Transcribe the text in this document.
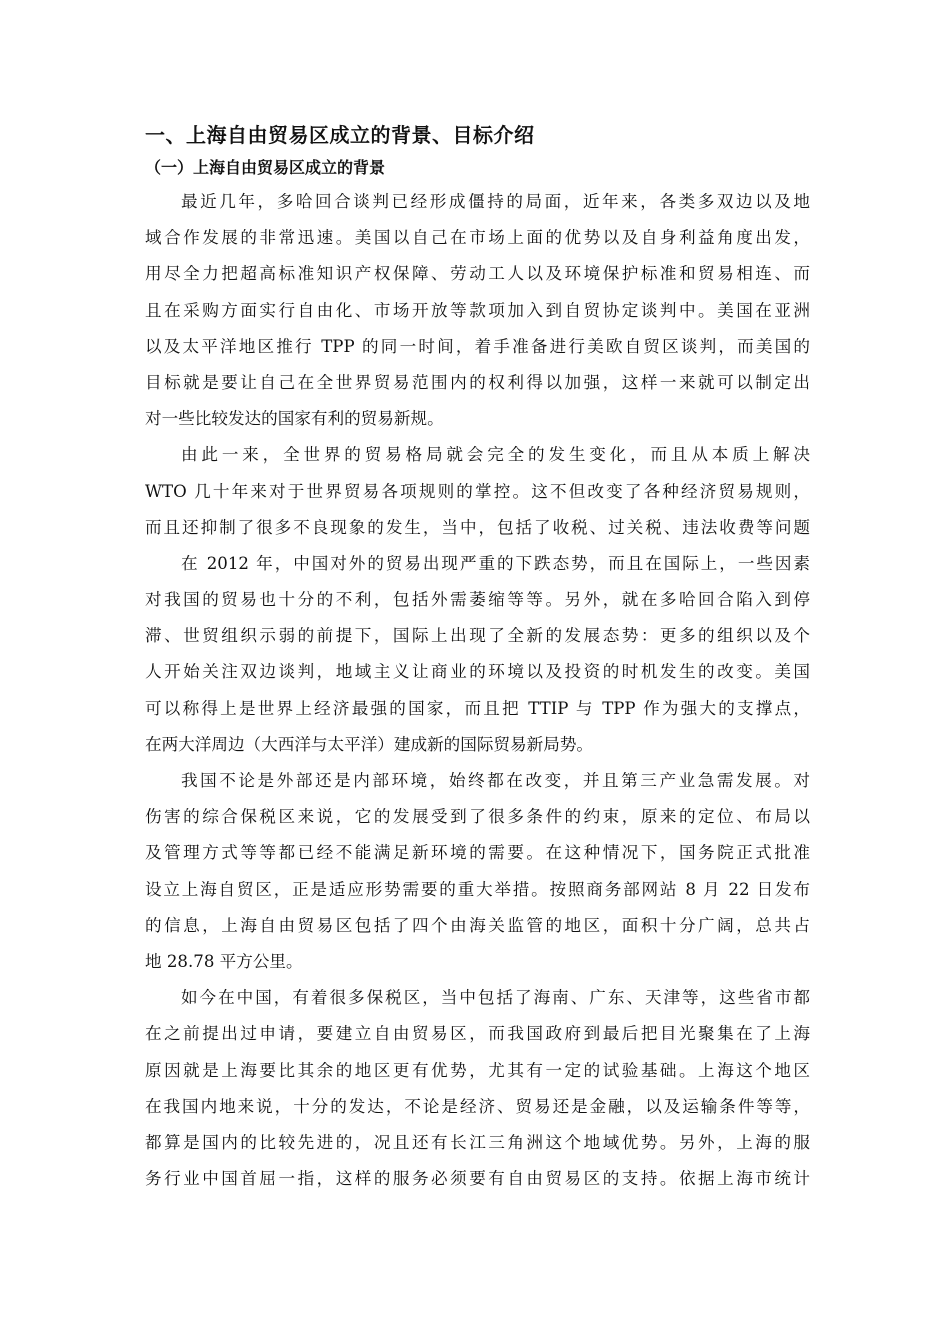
一、上海自由贸易区成立的背景、目标介绍
（一）上海自由贸易区成立的背景
最近几年，多哈回合谈判已经形成僵持的局面，近年来，各类多双边以及地
域合作发展的非常迅速。美国以自己在市场上面的优势以及自身利益角度出发，
用尽全力把超高标准知识产权保障、劳动工人以及环境保护标准和贸易相连、而
且在采购方面实行自由化、市场开放等款项加入到自贸协定谈判中。美国在亚洲
以及太平洋地区推行 TPP 的同一时间，着手准备进行美欧自贸区谈判，而美国的
目标就是要让自己在全世界贸易范围内的权利得以加强，这样一来就可以制定出
对一些比较发达的国家有利的贸易新规。
由此一来，全世界的贸易格局就会完全的发生变化，而且从本质上解决
WTO 几十年来对于世界贸易各项规则的掌控。这不但改变了各种经济贸易规则，
而且还抑制了很多不良现象的发生，当中，包括了收税、过关税、违法收费等问题
在 2012 年，中国对外的贸易出现严重的下跌态势，而且在国际上，一些因素
对我国的贸易也十分的不利，包括外需萎缩等等。另外，就在多哈回合陷入到停
滞、世贸组织示弱的前提下，国际上出现了全新的发展态势：更多的组织以及个
人开始关注双边谈判，地域主义让商业的环境以及投资的时机发生的改变。美国
可以称得上是世界上经济最强的国家，而且把 TTIP 与 TPP 作为强大的支撑点，
在两大洋周边（大西洋与太平洋）建成新的国际贸易新局势。
我国不论是外部还是内部环境，始终都在改变，并且第三产业急需发展。对
伤害的综合保税区来说，它的发展受到了很多条件的约束，原来的定位、布局以
及管理方式等等都已经不能满足新环境的需要。在这种情况下，国务院正式批准
设立上海自贸区，正是适应形势需要的重大举措。按照商务部网站 8 月 22 日发布
的信息，上海自由贸易区包括了四个由海关监管的地区，面积十分广阔，总共占
地 28.78 平方公里。
如今在中国，有着很多保税区，当中包括了海南、广东、天津等，这些省市都
在之前提出过申请，要建立自由贸易区，而我国政府到最后把目光聚集在了上海
原因就是上海要比其余的地区更有优势，尤其有一定的试验基础。上海这个地区
在我国内地来说，十分的发达，不论是经济、贸易还是金融，以及运输条件等等，
都算是国内的比较先进的，况且还有长江三角洲这个地域优势。另外，上海的服
务行业中国首屈一指，这样的服务必须要有自由贸易区的支持。依据上海市统计
